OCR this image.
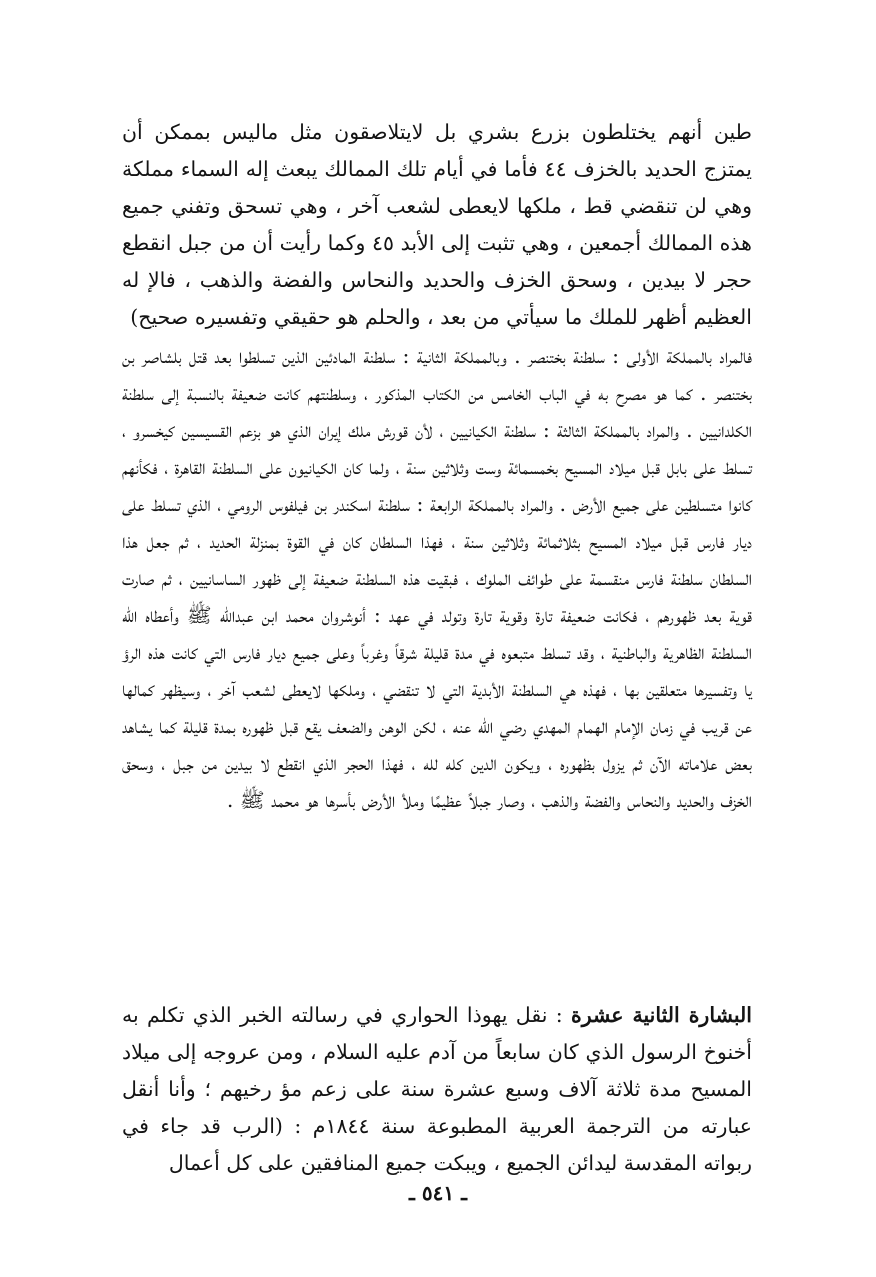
طين أنهم يختلطون بزرع بشري بل لايتلاصقون مثل ماليس بممكن أن يمتزج الحديد بالخزف ٤٤ فأما في أيام تلك الممالك يبعث إله السماء مملكة وهي لن تنقضي قط ، ملكها لايعطى لشعب آخر ، وهي تسحق وتفني جميع هذه الممالك أجمعين ، وهي تثبت إلى الأبد ٤٥ وكما رأيت أن من جبل انقطع حجر لا بيدين ، وسحق الخزف والحديد والنحاس والفضة والذهب ، فالإ له العظيم أظهر للملك ما سيأتي من بعد ، والحلم هو حقيقي وتفسيره صحيح)

فالمراد بالمملكة الأولى : سلطنة بختنصر . وبالمملكة الثانية : سلطنة المادئين الذين تسلطوا بعد قتل بلشاصر بن بختنصر . كما هو مصرح به في الباب الخامس من الكتاب المذكور ، وسلطنتهم كانت ضعيفة بالنسبة إلى سلطنة الكلدانيين . والمراد بالمملكة الثالثة : سلطنة الكيانيين ، لأن قورش ملك إيران الذي هو بزعم القسيسين كيخسرو ، تسلط على بابل قبل ميلاد المسيح بخمسمائة وست وثلاثين سنة ، ولما كان الكيانيون على السلطنة القاهرة ، فكأنهم كانوا متسلطين على جميع الأرض . والمراد بالمملكة الرابعة : سلطنة اسكندر بن فيلفوس الرومي ، الذي تسلط على ديار فارس قبل ميلاد المسيح بثلاثمائة وثلاثين سنة ، فهذا السلطان كان في القوة بمنزلة الحديد ، ثم جعل هذا السلطان سلطنة فارس منقسمة على طوائف الملوك ، فبقيت هذه السلطنة ضعيفة إلى ظهور الساسانيين ، ثم صارت قوية بعد ظهورهم ، فكانت ضعيفة تارة وقوية تارة وتولد في عهد : أنوشروان محمد ابن عبدالله ﷺ وأعطاه الله السلطنة الظاهرية والباطنية ، وقد تسلط متبعوه في مدة قليلة شرقاً وغرباً وعلى جميع ديار فارس التي كانت هذه الرؤ يا وتفسيرها متعلقين بها ، فهذه هي السلطنة الأبدية التي لا تنقضي ، وملكها لايعطى لشعب آخر ، وسيظهر كمالها عن قريب في زمان الإمام الهمام المهدي رضي الله عنه ، لكن الوهن والضعف يقع قبل ظهوره بمدة قليلة كما يشاهد بعض علاماته الآن ثم يزول بظهوره ، ويكون الدين كله لله ، فهذا الحجر الذي انقطع لا بيدين من جبل ، وسحق الخزف والحديد والنحاس والفضة والذهب ، وصار جبلاً عظيمًا وملأ الأرض بأسرها هو محمد ﷺ .

البشارة الثانية عشرة : نقل يهوذا الحواري في رسالته الخبر الذي تكلم به أخنوخ الرسول الذي كان سابعاً من آدم عليه السلام ، ومن عروجه إلى ميلاد المسيح مدة ثلاثة آلاف وسبع عشرة سنة على زعم مؤ رخيهم ؛ وأنا أنقل عبارته من الترجمة العربية المطبوعة سنة ١٨٤٤م : (الرب قد جاء في ربواته المقدسة ليدائن الجميع ، ويبكت جميع المنافقين على كل أعمال

ـ ٥٤١ ـ
